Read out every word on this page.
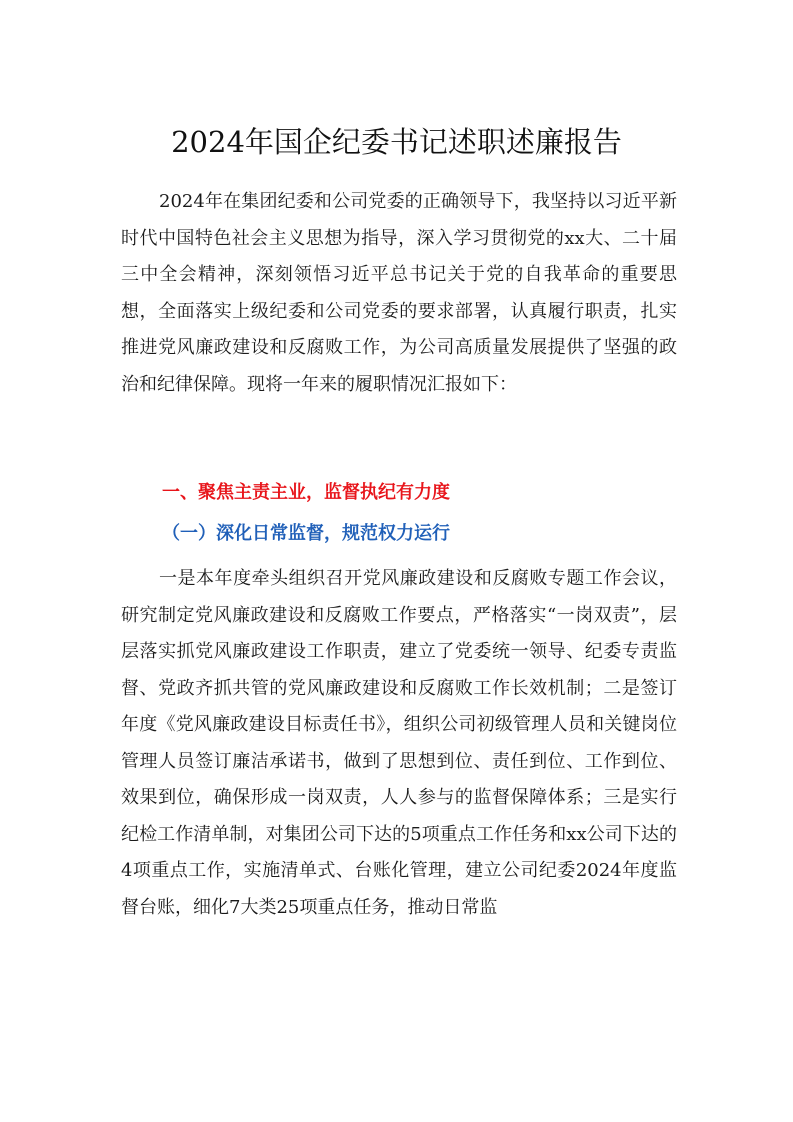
2024年国企纪委书记述职述廉报告

2024年在集团纪委和公司党委的正确领导下，我坚持以习近平新时代中国特色社会主义思想为指导，深入学习贯彻党的xx大、二十届三中全会精神，深刻领悟习近平总书记关于党的自我革命的重要思想，全面落实上级纪委和公司党委的要求部署，认真履行职责，扎实推进党风廉政建设和反腐败工作，为公司高质量发展提供了坚强的政治和纪律保障。现将一年来的履职情况汇报如下：

一、聚焦主责主业，监督执纪有力度
（一）深化日常监督，规范权力运行

一是本年度牵头组织召开党风廉政建设和反腐败专题工作会议，研究制定党风廉政建设和反腐败工作要点，严格落实“一岗双责”，层层落实抓党风廉政建设工作职责，建立了党委统一领导、纪委专责监督、党政齐抓共管的党风廉政建设和反腐败工作长效机制；二是签订年度《党风廉政建设目标责任书》，组织公司初级管理人员和关键岗位管理人员签订廉洁承诺书，做到了思想到位、责任到位、工作到位、效果到位，确保形成一岗双责，人人参与的监督保障体系；三是实行纪检工作清单制，对集团公司下达的5项重点工作任务和xx公司下达的4项重点工作，实施清单式、台账化管理，建立公司纪委2024年度监督台账，细化7大类25项重点任务，推动日常监
